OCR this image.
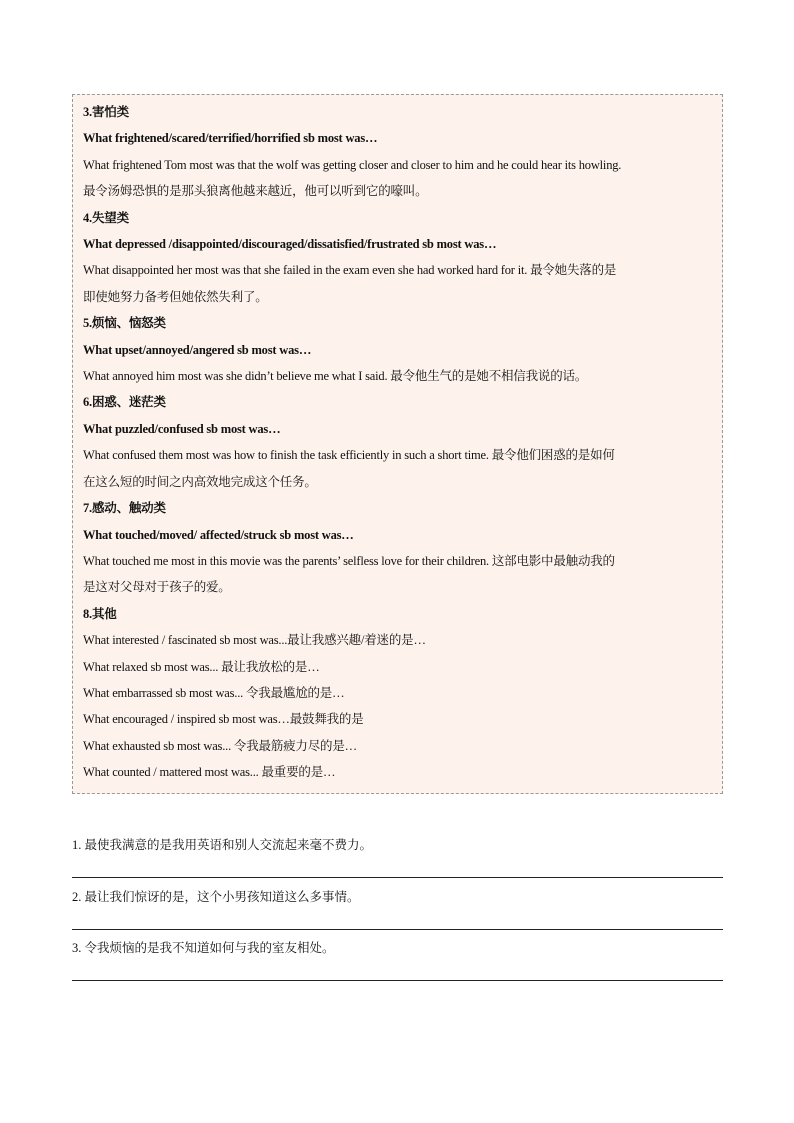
3.害怕类
What frightened/scared/terrified/horrified sb most was…
What frightened Tom most was that the wolf was getting closer and closer to him and he could hear its howling.
最令汤姆恐惧的是那头狼离他越来越近，他可以听到它的嚎叫。
4.失望类
What depressed /disappointed/discouraged/dissatisfied/frustrated sb most was…
What disappointed her most was that she failed in the exam even she had worked hard for it. 最令她失落的是
即使她努力备考但她依然失利了。
5.烦恼、恼怒类
What upset/annoyed/angered sb most was…
What annoyed him most was she didn’t believe me what I said. 最令他生气的是她不相信我说的话。
6.困惑、迷茫类
What puzzled/confused sb most was…
What confused them most was how to finish the task efficiently in such a short time. 最令他们困惑的是如何
在这么短的时间之内高效地完成这个任务。
7.感动、触动类
What touched/moved/ affected/struck sb most was…
What touched me most in this movie was the parents’ selfless love for their children. 这部电影中最触动我的
是这对父母对于孩子的爱。
8.其他
What interested / fascinated sb most was...最让我感兴趣/着迷的是…
What relaxed sb most was... 最让我放松的是…
What embarrassed sb most was... 令我最尴尬的是…
What encouraged / inspired sb most was…最鼓舞我的是
What exhausted sb most was... 令我最筋疲力尽的是…
What counted / mattered most was... 最重要的是…
1. 最使我满意的是我用英语和别人交流起来毫不费力。
2. 最让我们惊讶的是，这个小男孩知道这么多事情。
3. 令我烦恼的是我不知道如何与我的室友相处。
